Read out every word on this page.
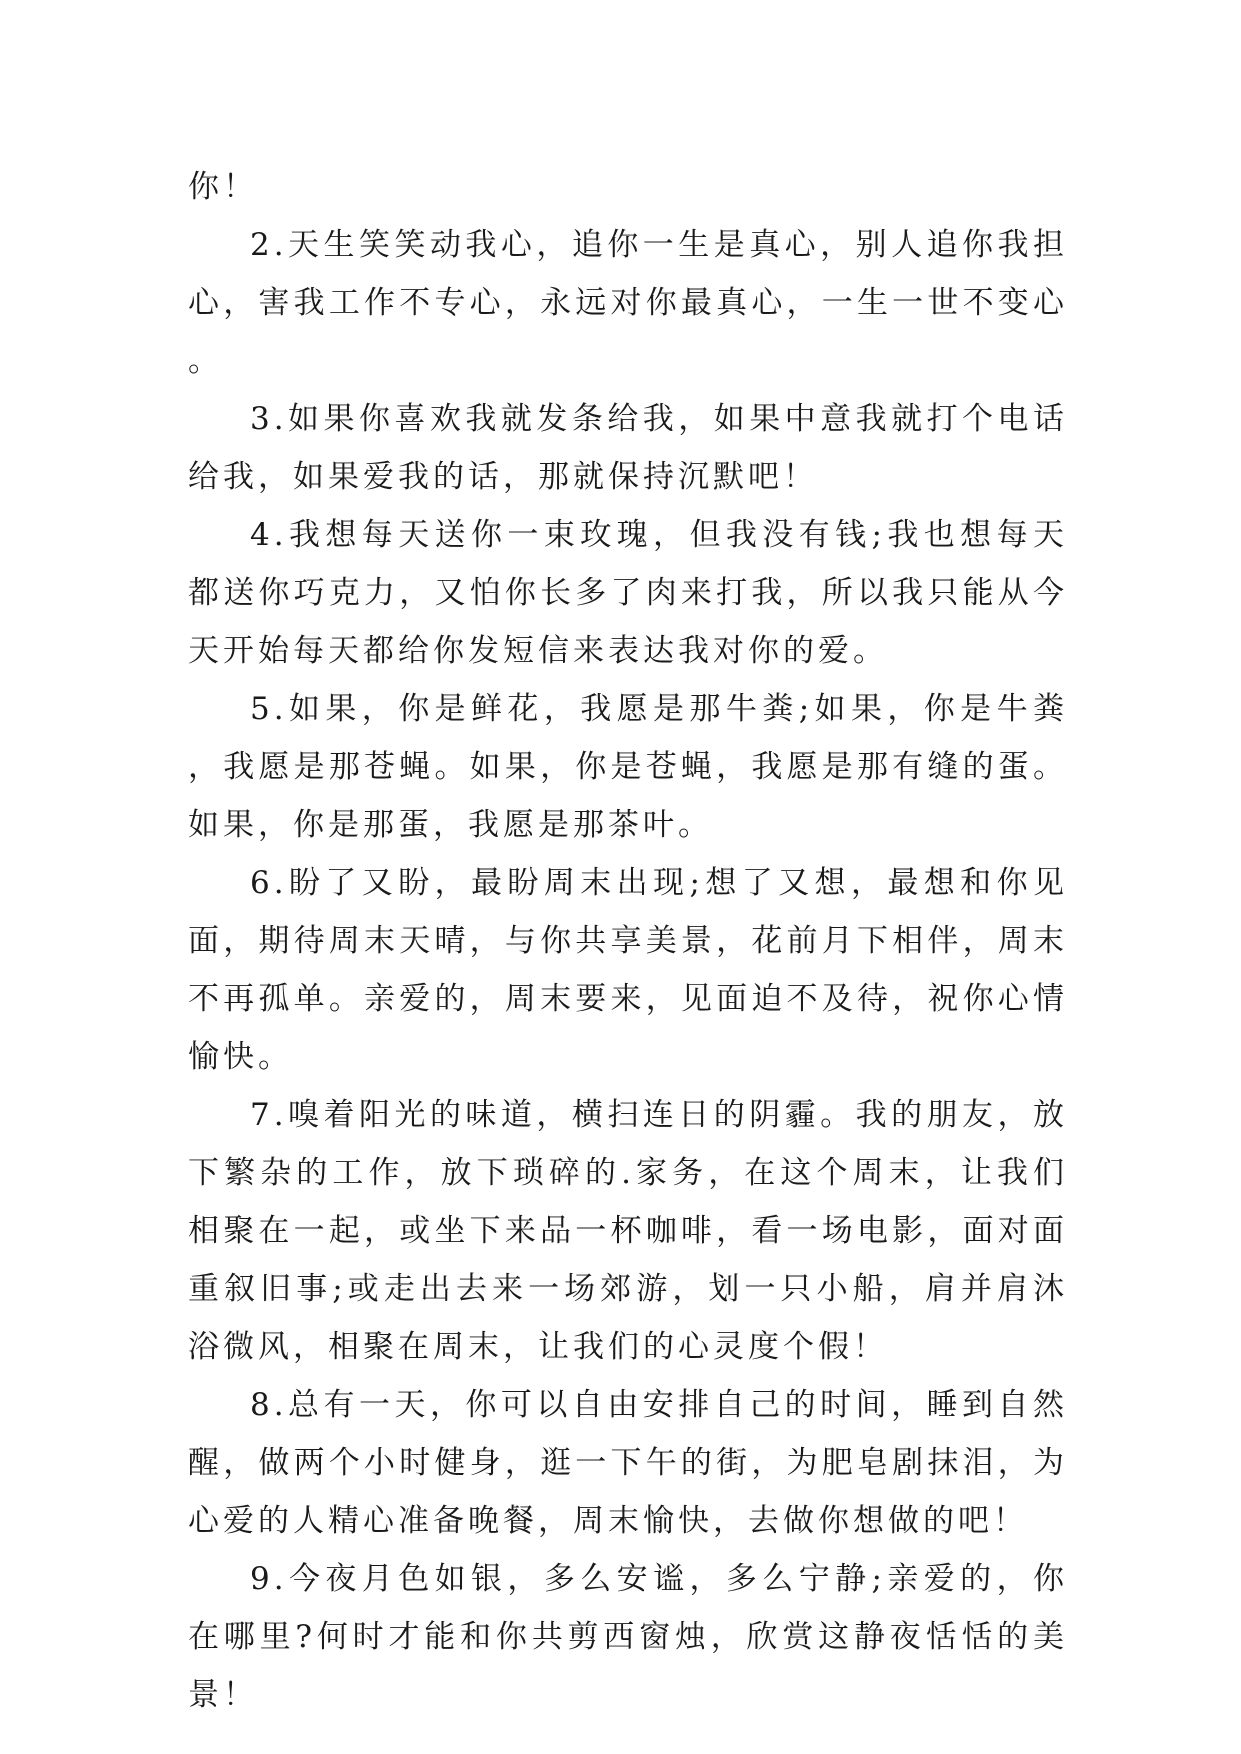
你！

2.天生笑笑动我心，追你一生是真心，别人追你我担心，害我工作不专心，永远对你最真心，一生一世不变心。

3.如果你喜欢我就发条给我，如果中意我就打个电话给我，如果爱我的话，那就保持沉默吧！

4.我想每天送你一束玫瑰，但我没有钱;我也想每天都送你巧克力，又怕你长多了肉来打我，所以我只能从今天开始每天都给你发短信来表达我对你的爱。

5.如果，你是鲜花，我愿是那牛粪;如果，你是牛粪，我愿是那苍蝇。如果，你是苍蝇，我愿是那有缝的蛋。如果，你是那蛋，我愿是那茶叶。

6.盼了又盼，最盼周末出现;想了又想，最想和你见面，期待周末天晴，与你共享美景，花前月下相伴，周末不再孤单。亲爱的，周末要来，见面迫不及待，祝你心情愉快。

7.嗅着阳光的味道，横扫连日的阴霾。我的朋友，放下繁杂的工作，放下琐碎的.家务，在这个周末，让我们相聚在一起，或坐下来品一杯咖啡，看一场电影，面对面重叙旧事;或走出去来一场郊游，划一只小船，肩并肩沐浴微风，相聚在周末，让我们的心灵度个假！

8.总有一天，你可以自由安排自己的时间，睡到自然醒，做两个小时健身，逛一下午的街，为肥皂剧抹泪，为心爱的人精心准备晚餐，周末愉快，去做你想做的吧！

9.今夜月色如银，多么安谧，多么宁静;亲爱的，你在哪里?何时才能和你共剪西窗烛，欣赏这静夜恬恬的美景！
